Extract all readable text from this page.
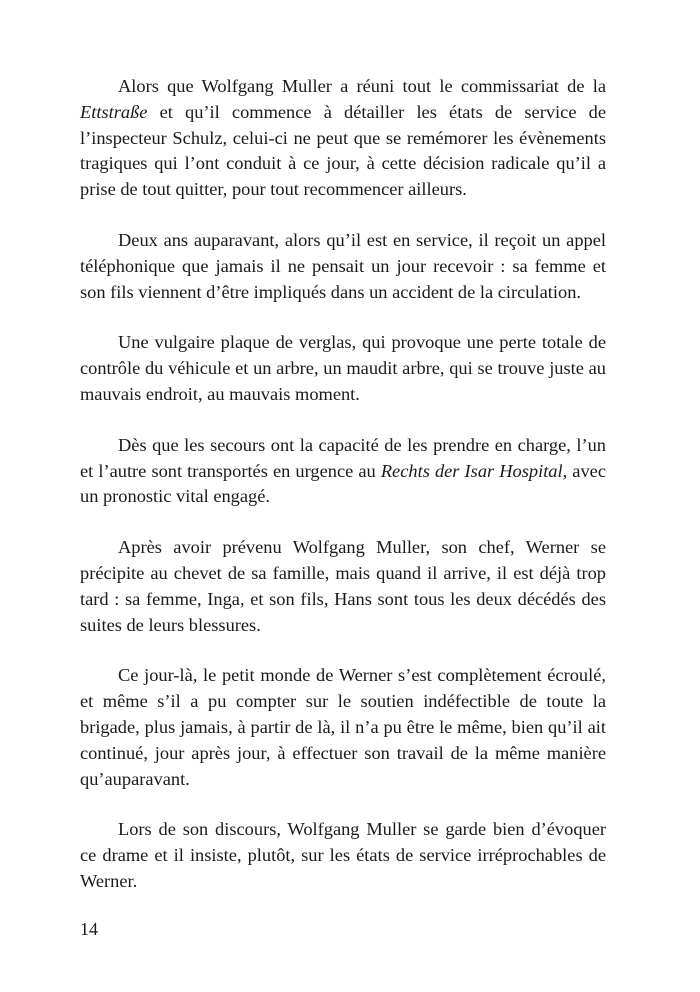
Alors que Wolfgang Muller a réuni tout le commissariat de la Ettstraße et qu’il commence à détailler les états de service de l’inspecteur Schulz, celui-ci ne peut que se remémorer les évènements tragiques qui l’ont conduit à ce jour, à cette décision radicale qu’il a prise de tout quitter, pour tout recommencer ailleurs.

Deux ans auparavant, alors qu’il est en service, il reçoit un appel téléphonique que jamais il ne pensait un jour recevoir : sa femme et son fils viennent d’être impliqués dans un accident de la circulation.

Une vulgaire plaque de verglas, qui provoque une perte totale de contrôle du véhicule et un arbre, un maudit arbre, qui se trouve juste au mauvais endroit, au mauvais moment.

Dès que les secours ont la capacité de les prendre en charge, l’un et l’autre sont transportés en urgence au Rechts der Isar Hospital, avec un pronostic vital engagé.

Après avoir prévenu Wolfgang Muller, son chef, Werner se précipite au chevet de sa famille, mais quand il arrive, il est déjà trop tard : sa femme, Inga, et son fils, Hans sont tous les deux décédés des suites de leurs blessures.

Ce jour-là, le petit monde de Werner s’est complètement écroulé, et même s’il a pu compter sur le soutien indéfectible de toute la brigade, plus jamais, à partir de là, il n’a pu être le même, bien qu’il ait continué, jour après jour, à effectuer son travail de la même manière qu’auparavant.

Lors de son discours, Wolfgang Muller se garde bien d’évoquer ce drame et il insiste, plutôt, sur les états de service irréprochables de Werner.

14
